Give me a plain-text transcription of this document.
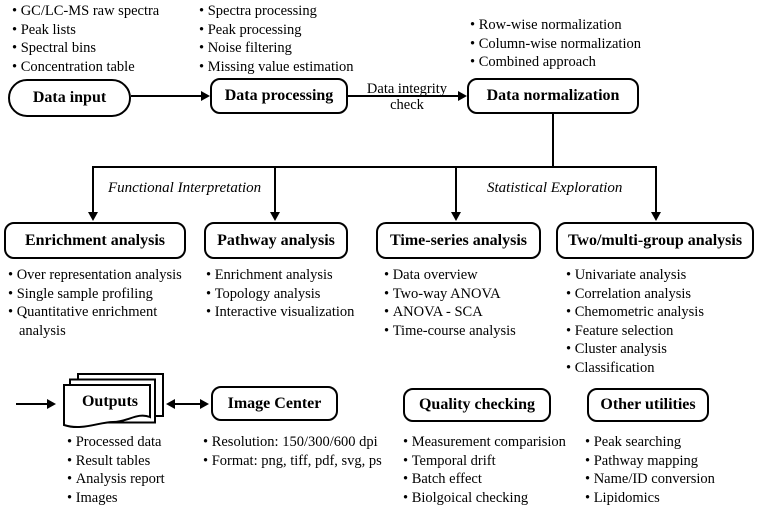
• GC/LC-MS raw spectra
• Peak lists
• Spectral bins
• Concentration table
• Spectra processing
• Peak processing
• Noise filtering
• Missing value estimation
• Row-wise normalization
• Column-wise normalization
• Combined approach
Data input	Data processing	Data normalization
Data integrity
check
Functional Interpretation	Statistical Exploration
Enrichment analysis	Pathway analysis	Time-series analysis	Two/multi-group analysis
• Over representation analysis
• Single sample profiling
• Quantitative enrichment analysis
• Enrichment analysis
• Topology analysis
• Interactive visualization
• Data overview
• Two-way ANOVA
• ANOVA - SCA
• Time-course analysis
• Univariate analysis
• Correlation analysis
• Chemometric analysis
• Feature selection
• Cluster analysis
• Classification
Outputs	Image Center	Quality checking	Other utilities
• Processed data
• Result tables
• Analysis report
• Images
• Resolution: 150/300/600 dpi
• Format: png, tiff, pdf, svg, ps
• Measurement comparision
• Temporal drift
• Batch effect
• Biolgoical checking
• Peak searching
• Pathway mapping
• Name/ID conversion
• Lipidomics
